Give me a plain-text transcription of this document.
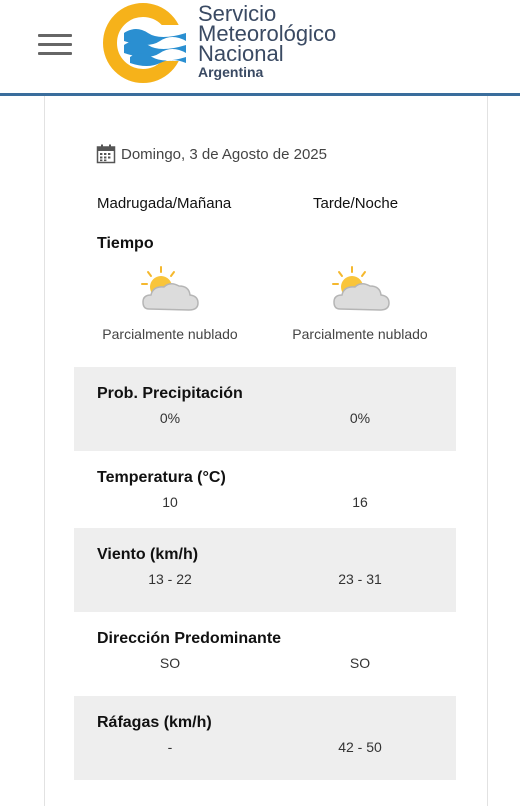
Servicio
Meteorológico
Nacional
Argentina
Domingo, 3 de Agosto de 2025
Madrugada/Mañana	Tarde/Noche
Tiempo
Parcialmente nublado	Parcialmente nublado
Prob. Precipitación
0%	0%
Temperatura (°C)
10	16
Viento (km/h)
13 - 22	23 - 31
Dirección Predominante
SO	SO
Ráfagas (km/h)
-	42 - 50
